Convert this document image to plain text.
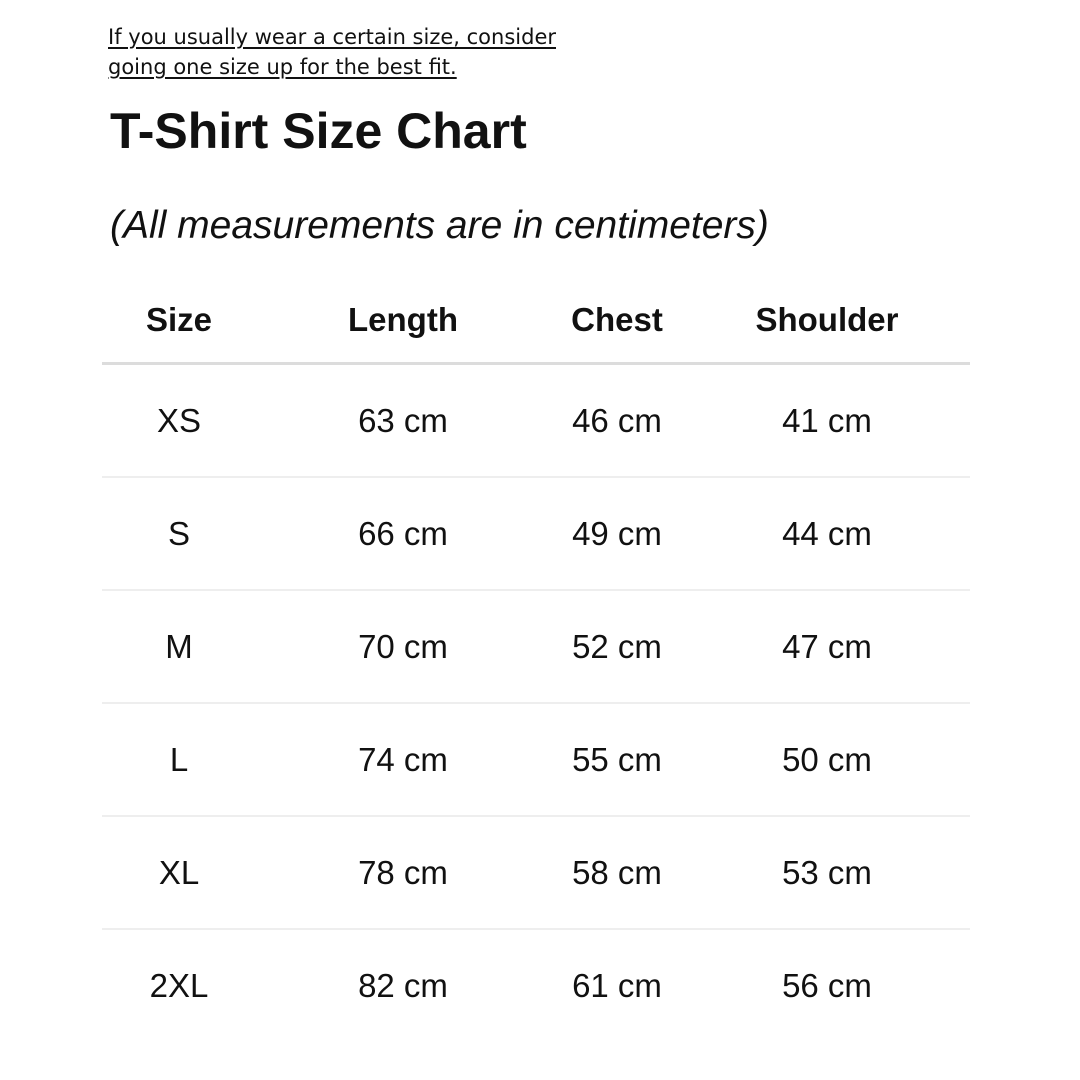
If you usually wear a certain size, consider
going one size up for the best fit.
T-Shirt Size Chart

(All measurements are in centimeters)

Size	Length	Chest	Shoulder
XS	63 cm	46 cm	41 cm
S	66 cm	49 cm	44 cm
M	70 cm	52 cm	47 cm
L	74 cm	55 cm	50 cm
XL	78 cm	58 cm	53 cm
2XL	82 cm	61 cm	56 cm
